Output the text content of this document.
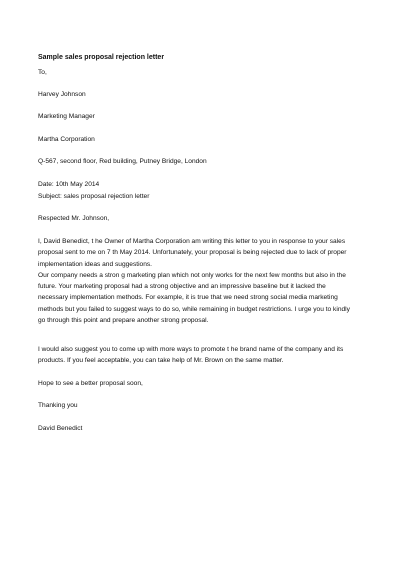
Sample sales proposal rejection letter
To,
Harvey Johnson
Marketing Manager
Martha Corporation
Q-567, second floor, Red building, Putney Bridge, London
Date: 10th May 2014
Subject: sales proposal rejection letter
Respected Mr. Johnson,
I, David Benedict, t he Owner of Martha Corporation am writing this letter to you in response to your sales
proposal sent to me on 7 th May 2014. Unfortunately, your proposal is being rejected due to lack of proper
implementation ideas and suggestions.
Our company needs a stron g marketing plan which not only works for the next few months but also in the
future. Your marketing proposal had a strong objective and an impressive baseline but it lacked the
necessary implementation methods. For example, it is true that we need strong social media marketing
methods but you failed to suggest ways to do so, while remaining in budget restrictions. I urge you to kindly
go through this point and prepare another strong proposal.
I would also suggest you to come up with more ways to promote t he brand name of the company and its
products. If you feel acceptable, you can take help of Mr. Brown on the same matter.
Hope to see a better proposal soon,
Thanking you
David Benedict
